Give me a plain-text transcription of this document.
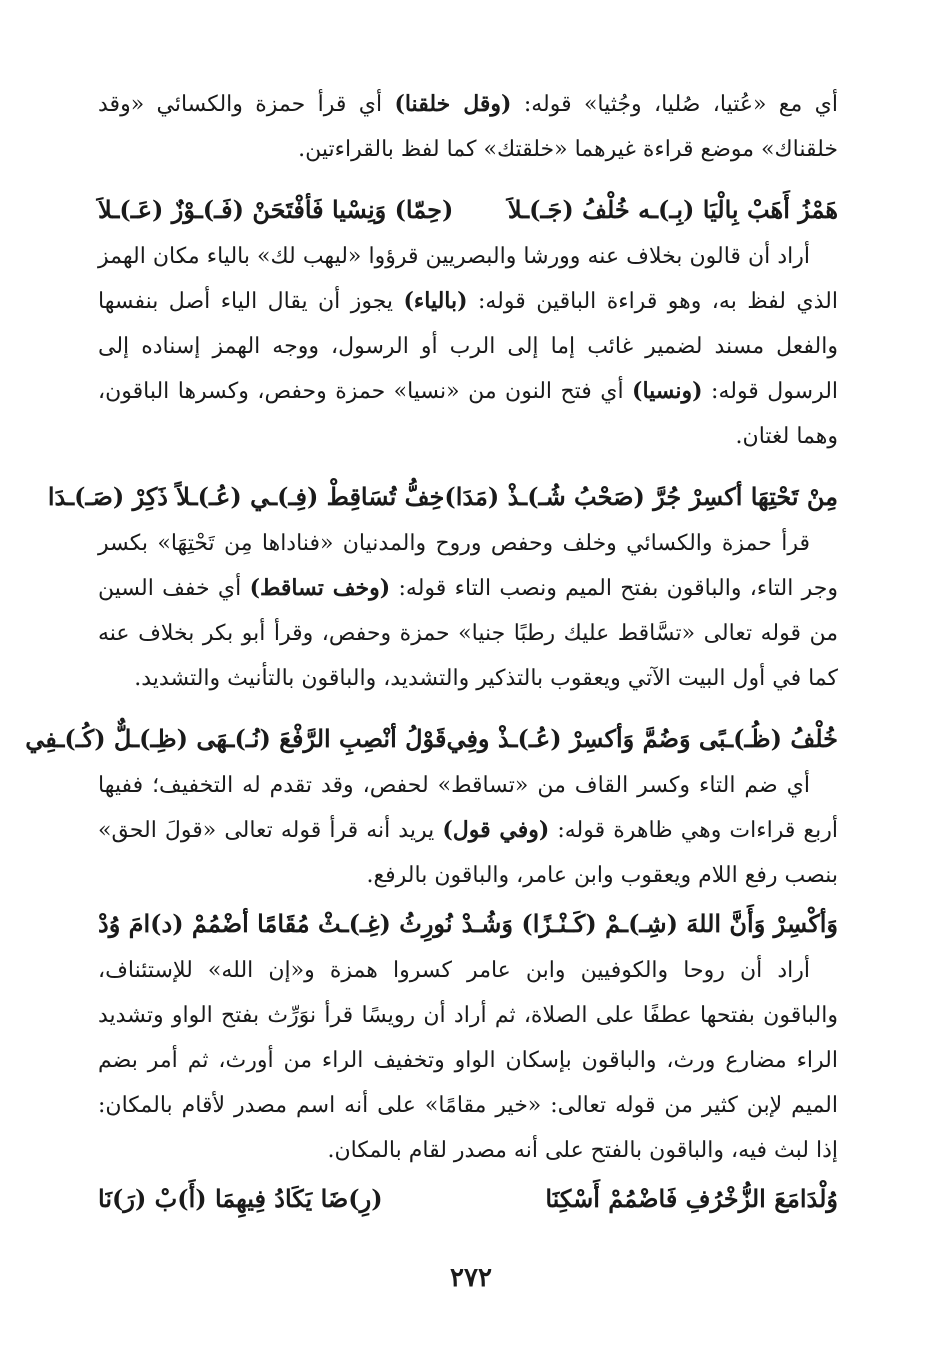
أي مع «عُتيا، صُليا، وجُثيا» قوله: (وقل خلقنا) أي قرأ حمزة والكسائي «وقد خلقناك» موضع قراءة غيرهما «خلقتك» كما لفظ بالقراءتين.

هَمْزُ أَهَبْ بِالْيَا (بِـ)ـه خُلْفُ (جَـ)ـلاَ
(حِمّا) وَنِسْيا فَأفْتَحَنْ (فَـ)ـوْزٌ (عَـ)ـلاَ

أراد أن قالون بخلاف عنه وورشا والبصريين قرؤوا «ليهب لك» بالياء مكان الهمز الذي لفظ به، وهو قراءة الباقين قوله: (بالياء) يجوز أن يقال الياء أصل بنفسها والفعل مسند لضمير غائب إما إلى الرب أو الرسول، ووجه الهمز إسناده إلى الرسول قوله: (ونسيا) أي فتح النون من «نسيا» حمزة وحفص، وكسرها الباقون، وهما لغتان.

مِنْ تَحْتِهَا أكسِرْ جُرَّ (صَحْبُ شُـ)ـذْ (مَدَا)
خِفُّ تُسَاقِطْ (فِـ)ـي (عُـ)ـلاً ذَكِرْ (صَـ)ـدَا

قرأ حمزة والكسائي وخلف وحفص وروح والمدنيان «فناداها مِن تَحْتِهَا» بكسر وجر التاء، والباقون بفتح الميم ونصب التاء قوله: (وخف تساقط) أي خفف السين من قوله تعالى «تسَّاقط عليك رطبًا جنيا» حمزة وحفص، وقرأ أبو بكر بخلاف عنه كما في أول البيت الآتي ويعقوب بالتذكير والتشديد، والباقون بالتأنيث والتشديد.

خُلْفُ (ظُـ)ـبًى وَضُمَّ وَأكسِرْ (عُـ)ـذْ وفِي
قَوْلُ أنْصِبِ الرَّفْعَ (نُـ)ـهَى (ظِـ)ـلٌّ (كُـ)ـفِي

أي ضم التاء وكسر القاف من «تساقط» لحفص، وقد تقدم له التخفيف؛ ففيها أربع قراءات وهي ظاهرة قوله: (وفي قول) يريد أنه قرأ قوله تعالى «قولَ الحق» بنصب رفع اللام ويعقوب وابن عامر، والباقون بالرفع.

وَأكْسِرْ وَأَنَّ اللهَ (شِـ)ـمْ (كَـنْـزًا) وَشُـدْ
نُورِثُ (غِـ)ـثْ مُقَامًا أضْمُمْ (د)امَ وُدْ

أراد أن روحا والكوفيين وابن عامر كسروا همزة و«إن الله» للإستئناف، والباقون بفتحها عطفًا على الصلاة، ثم أراد أن رويسًا قرأ نوَرِّث بفتح الواو وتشديد الراء مضارع ورث، والباقون بإسكان الواو وتخفيف الراء من أورث، ثم أمر بضم الميم لإبن كثير من قوله تعالى: «خير مقامًا» على أنه اسم مصدر لأقام بالمكان: إذا لبث فيه، والباقون بالفتح على أنه مصدر لقام بالمكان.

وُلْدَامَعَ الزُّخْرُفِ فَاضْمُمْ أَسْكِنَا
(رِ)ضَا يَكَادُ فِيهِمَا (أَ)بْ (رَ)نَا
٢٧٢
